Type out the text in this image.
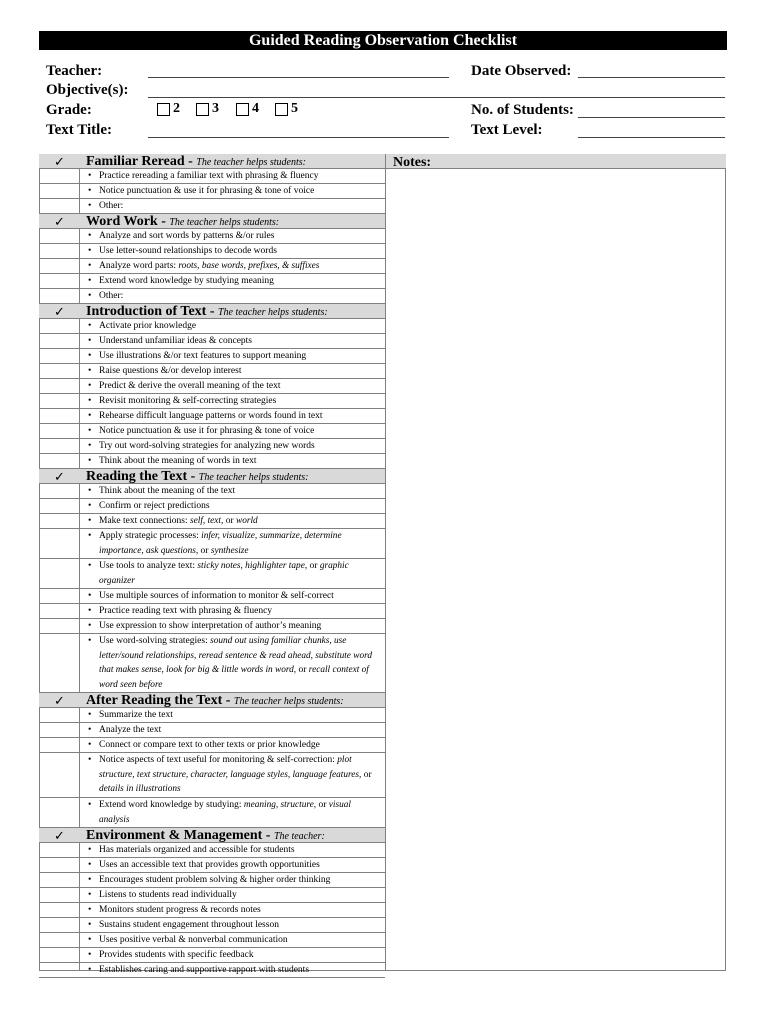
Guided Reading Observation Checklist
Teacher:
Objective(s):
Grade:	2 3 4 5
Text Title:
Date Observed:
No. of Students:
Text Level:
Notes:
✓	Familiar Reread - The teacher helps students:
• Practice rereading a familiar text with phrasing & fluency
• Notice punctuation & use it for phrasing & tone of voice
• Other:
✓	Word Work - The teacher helps students:
• Analyze and sort words by patterns &/or rules
• Use letter-sound relationships to decode words
• Analyze word parts: roots, base words, prefixes, & suffixes
• Extend word knowledge by studying meaning
• Other:
✓	Introduction of Text - The teacher helps students:
• Activate prior knowledge
• Understand unfamiliar ideas & concepts
• Use illustrations &/or text features to support meaning
• Raise questions &/or develop interest
• Predict & derive the overall meaning of the text
• Revisit monitoring & self-correcting strategies
• Rehearse difficult language patterns or words found in text
• Notice punctuation & use it for phrasing & tone of voice
• Try out word-solving strategies for analyzing new words
• Think about the meaning of words in text
✓	Reading the Text - The teacher helps students:
• Think about the meaning of the text
• Confirm or reject predictions
• Make text connections: self, text, or world
• Apply strategic processes: infer, visualize, summarize, determine importance, ask questions, or synthesize
• Use tools to analyze text: sticky notes, highlighter tape, or graphic organizer
• Use multiple sources of information to monitor & self-correct
• Practice reading text with phrasing & fluency
• Use expression to show interpretation of author’s meaning
• Use word-solving strategies: sound out using familiar chunks, use letter/sound relationships, reread sentence & read ahead, substitute word that makes sense, look for big & little words in word, or recall context of word seen before
✓	After Reading the Text - The teacher helps students:
• Summarize the text
• Analyze the text
• Connect or compare text to other texts or prior knowledge
• Notice aspects of text useful for monitoring & self-correction: plot structure, text structure, character, language styles, language features, or details in illustrations
• Extend word knowledge by studying: meaning, structure, or visual analysis
✓	Environment & Management - The teacher:
• Has materials organized and accessible for students
• Uses an accessible text that provides growth opportunities
• Encourages student problem solving & higher order thinking
• Listens to students read individually
• Monitors student progress & records notes
• Sustains student engagement throughout lesson
• Uses positive verbal & nonverbal communication
• Provides students with specific feedback
• Establishes caring and supportive rapport with students
